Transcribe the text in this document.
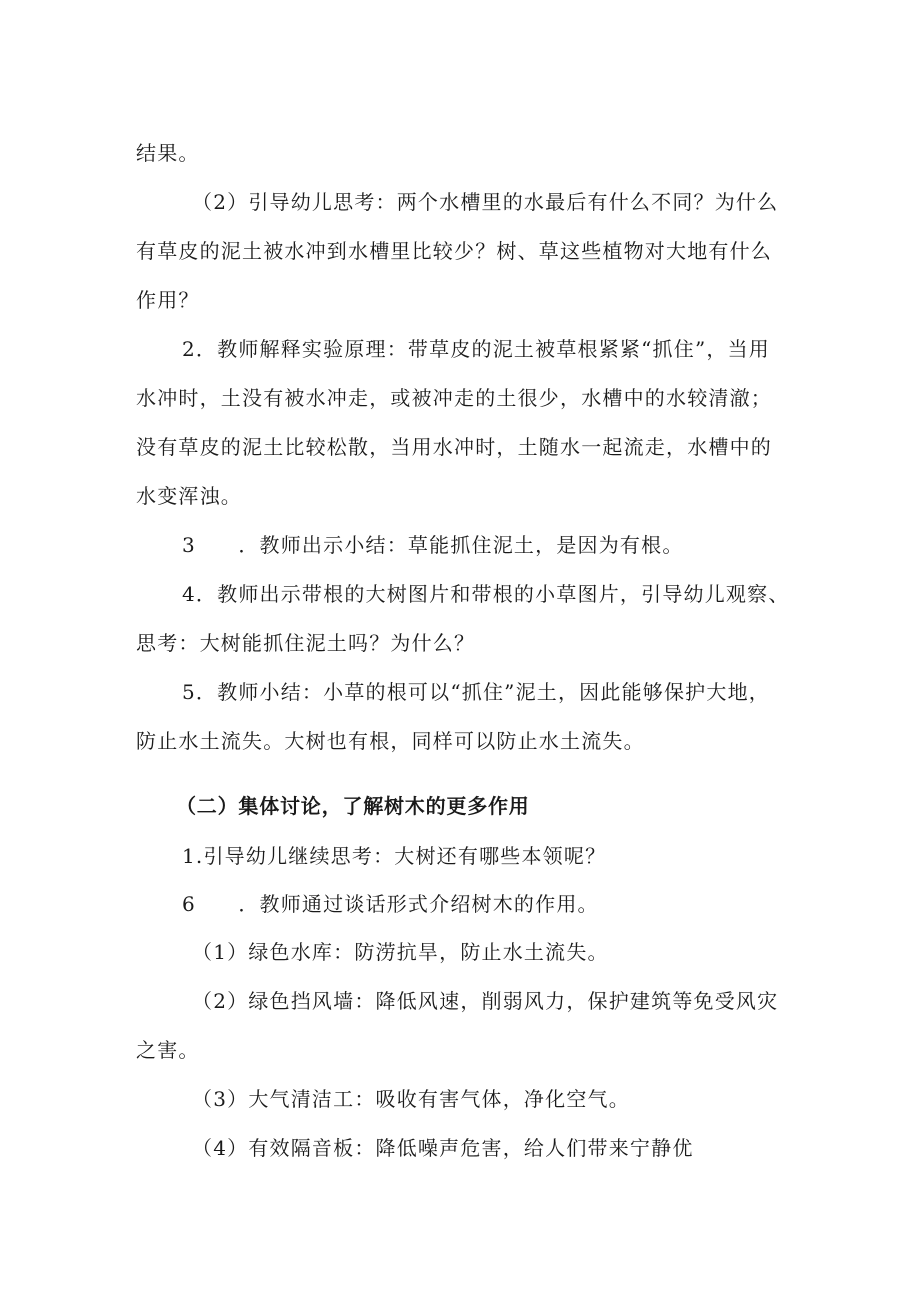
结果。
（2）引导幼儿思考：两个水槽里的水最后有什么不同？为什么
有草皮的泥土被水冲到水槽里比较少？树、草这些植物对大地有什么
作用？
2．教师解释实验原理：带草皮的泥土被草根紧紧“抓住”，当用
水冲时，土没有被水冲走，或被冲走的土很少，水槽中的水较清澈；
没有草皮的泥土比较松散，当用水冲时，土随水一起流走，水槽中的
水变浑浊。
3　　．教师出示小结：草能抓住泥土，是因为有根。
4．教师出示带根的大树图片和带根的小草图片，引导幼儿观察、
思考：大树能抓住泥土吗？为什么？
5．教师小结：小草的根可以“抓住”泥土，因此能够保护大地，
防止水土流失。大树也有根，同样可以防止水土流失。
（二）集体讨论，了解树木的更多作用
1.引导幼儿继续思考：大树还有哪些本领呢？
6　　．教师通过谈话形式介绍树木的作用。
（1）绿色水库：防涝抗旱，防止水土流失。
（2）绿色挡风墙：降低风速，削弱风力，保护建筑等免受风灾
之害。
（3）大气清洁工：吸收有害气体，净化空气。
（4）有效隔音板：降低噪声危害，给人们带来宁静优
